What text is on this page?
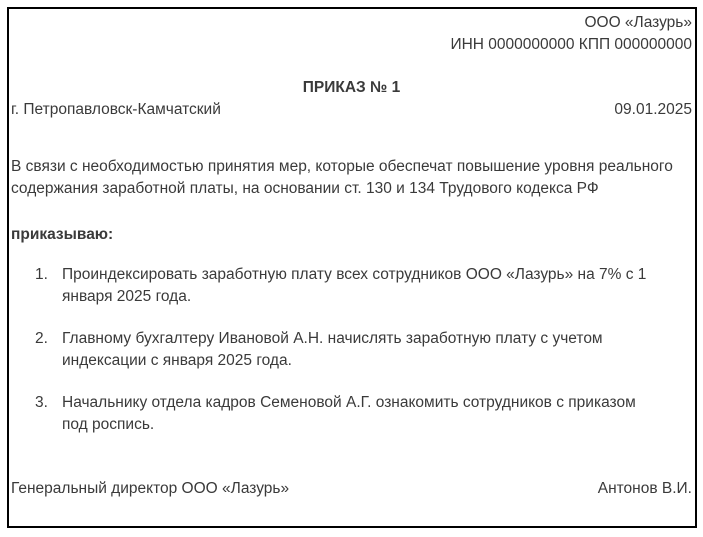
ООО «Лазурь»
ИНН 0000000000 КПП 000000000
ПРИКАЗ № 1
г. Петропавловск-Камчатский	09.01.2025

В связи с необходимостью принятия мер, которые обеспечат повышение уровня реального содержания заработной платы, на основании ст. 130 и 134 Трудового кодекса РФ

приказываю:
1. Проиндексировать заработную плату всех сотрудников ООО «Лазурь» на 7% с 1 января 2025 года.
2. Главному бухгалтеру Ивановой А.Н. начислять заработную плату с учетом индексации с января 2025 года.
3. Начальнику отдела кадров Семеновой А.Г. ознакомить сотрудников с приказом под роспись.
Генеральный директор ООО «Лазурь»	Антонов В.И.
